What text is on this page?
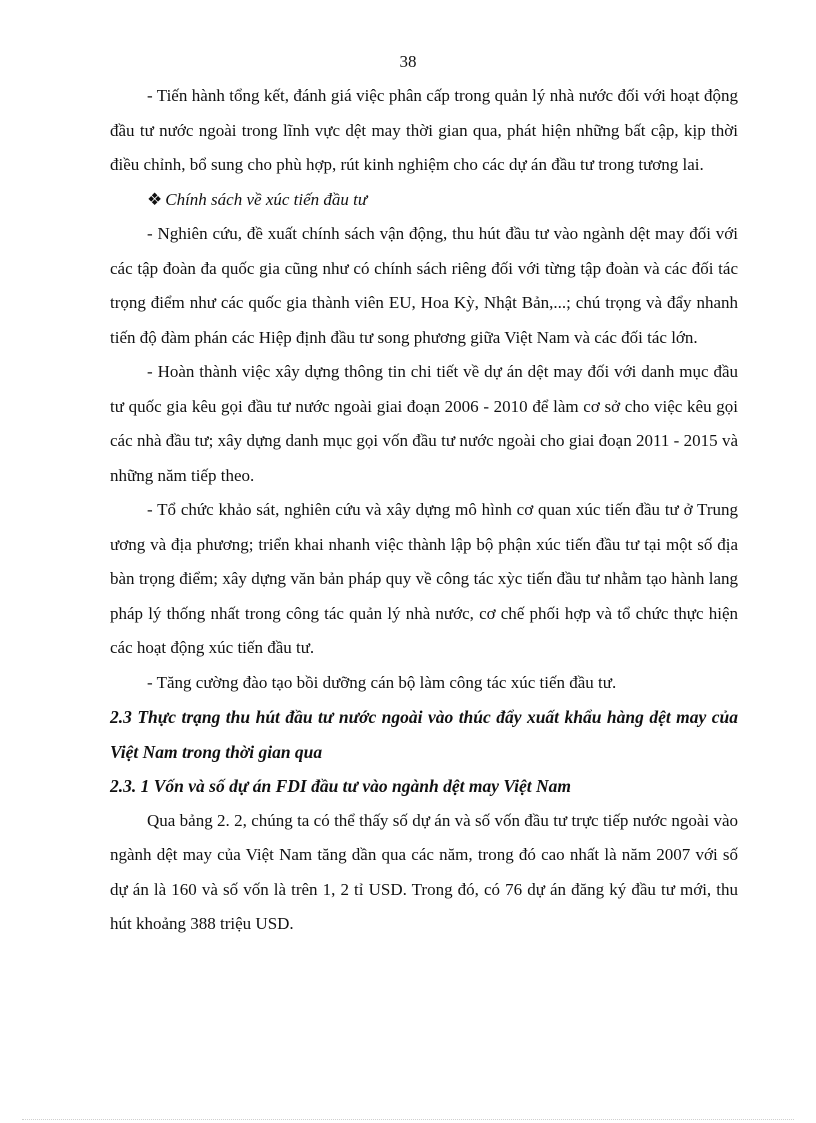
38

- Tiến hành tổng kết, đánh giá việc phân cấp trong quản lý nhà nước đối với hoạt động đầu tư nước ngoài trong lĩnh vực dệt may thời gian qua, phát hiện những bất cập, kịp thời điều chỉnh, bổ sung cho phù hợp, rút kinh nghiệm cho các dự án đầu tư trong tương lai.

❖ Chính sách về xúc tiến đầu tư

- Nghiên cứu, đề xuất chính sách vận động, thu hút đầu tư vào ngành dệt may đối với các tập đoàn đa quốc gia cũng như có chính sách riêng đối với từng tập đoàn và các đối tác trọng điểm như các quốc gia thành viên EU, Hoa Kỳ, Nhật Bản,...; chú trọng và đẩy nhanh tiến độ đàm phán các Hiệp định đầu tư song phương giữa Việt Nam và các đối tác lớn.

- Hoàn thành việc xây dựng thông tin chi tiết về dự án dệt may đối với danh mục đầu tư quốc gia kêu gọi đầu tư nước ngoài giai đoạn 2006 - 2010 để làm cơ sở cho việc kêu gọi các nhà đầu tư; xây dựng danh mục gọi vốn đầu tư nước ngoài cho giai đoạn 2011 - 2015 và những năm tiếp theo.

- Tổ chức khảo sát, nghiên cứu và xây dựng mô hình cơ quan xúc tiến đầu tư ở Trung ương và địa phương; triển khai nhanh việc thành lập bộ phận xúc tiến đầu tư tại một số địa bàn trọng điểm; xây dựng văn bản pháp quy về công tác xỳc tiến đầu tư nhằm tạo hành lang pháp lý thống nhất trong công tác quản lý nhà nước, cơ chế phối hợp và tổ chức thực hiện các hoạt động xúc tiến đầu tư.

- Tăng cường đào tạo bồi dưỡng cán bộ làm công tác xúc tiến đầu tư.

2.3 Thực trạng thu hút đầu tư nước ngoài vào thúc đẩy xuất khẩu hàng dệt may của Việt Nam trong thời gian qua

2.3. 1 Vốn và số dự án FDI đầu tư vào ngành dệt may Việt Nam

Qua bảng 2. 2, chúng ta có thể thấy số dự án và số vốn đầu tư trực tiếp nước ngoài vào ngành dệt may của Việt Nam tăng dần qua các năm, trong đó cao nhất là năm 2007 với số dự án là 160 và số vốn là trên 1, 2 tỉ USD. Trong đó, có 76 dự án đăng ký đầu tư mới, thu hút khoảng 388 triệu USD.
